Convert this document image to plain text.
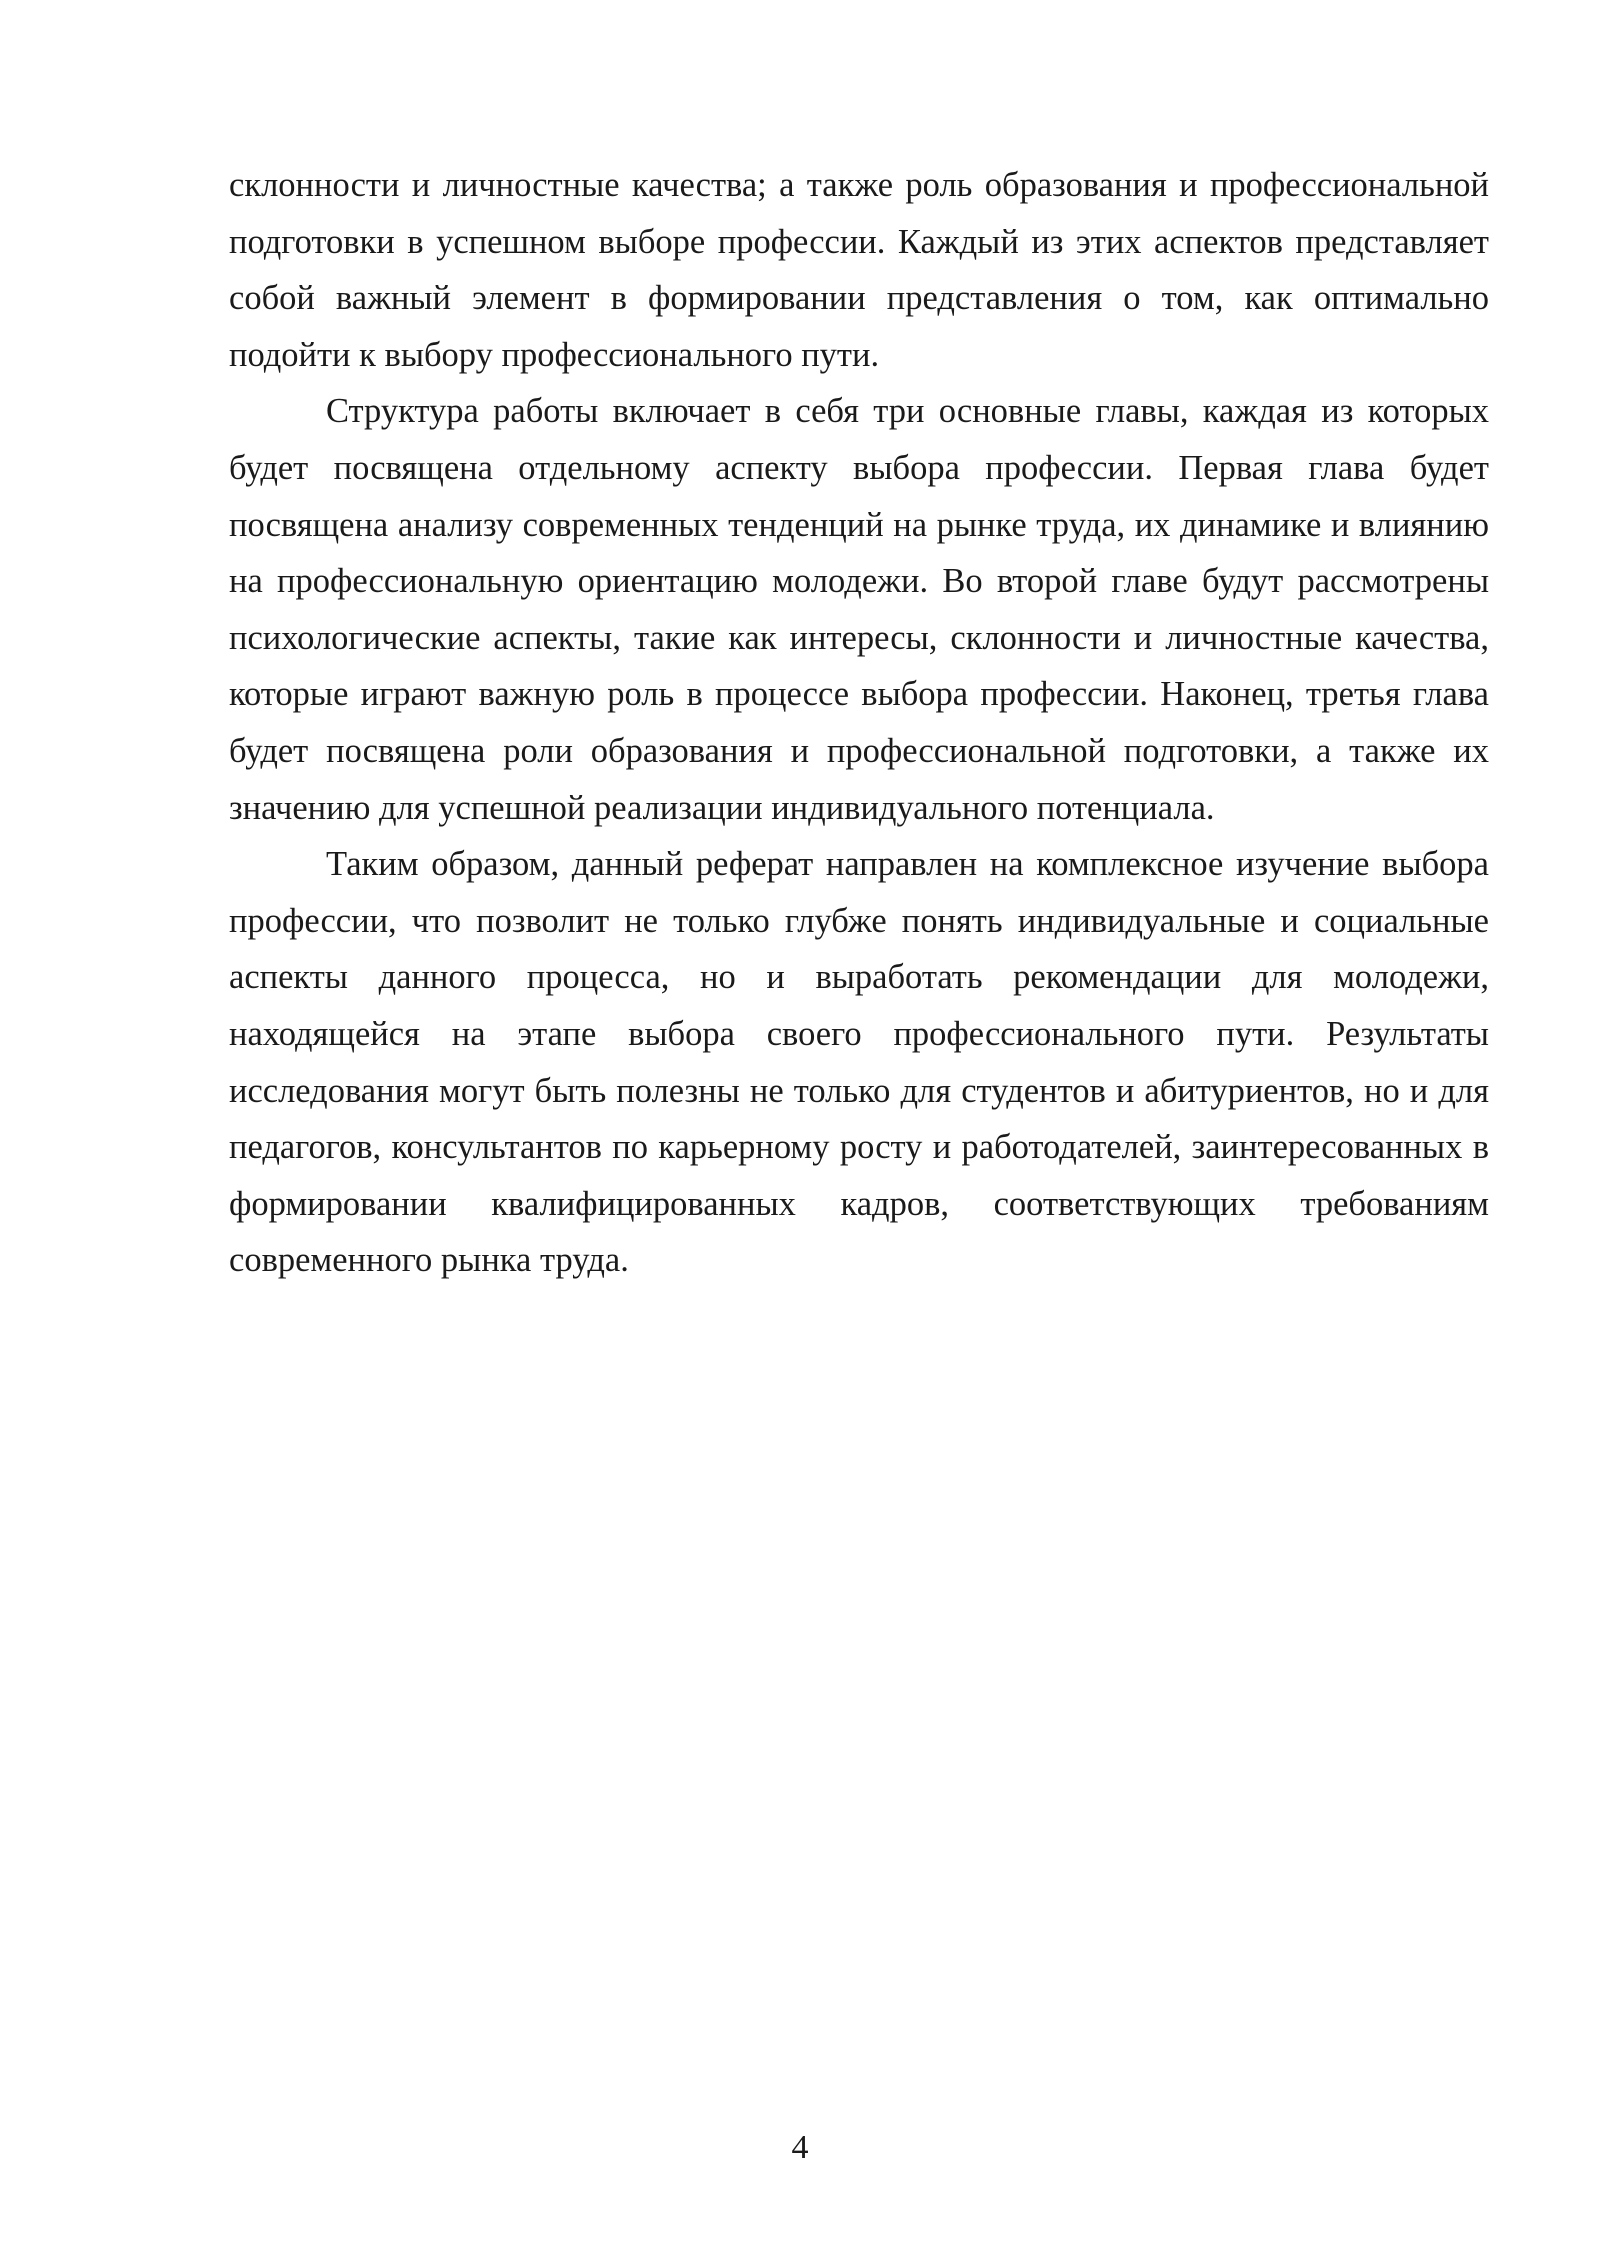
склонности и личностные качества; а также роль образования и профессиональной подготовки в успешном выборе профессии. Каждый из этих аспектов представляет собой важный элемент в формировании представления о том, как оптимально подойти к выбору профессионального пути.

Структура работы включает в себя три основные главы, каждая из которых будет посвящена отдельному аспекту выбора профессии. Первая глава будет посвящена анализу современных тенденций на рынке труда, их динамике и влиянию на профессиональную ориентацию молодежи. Во второй главе будут рассмотрены психологические аспекты, такие как интересы, склонности и личностные качества, которые играют важную роль в процессе выбора профессии. Наконец, третья глава будет посвящена роли образования и профессиональной подготовки, а также их значению для успешной реализации индивидуального потенциала.

Таким образом, данный реферат направлен на комплексное изучение выбора профессии, что позволит не только глубже понять индивидуальные и социальные аспекты данного процесса, но и выработать рекомендации для молодежи, находящейся на этапе выбора своего профессионального пути. Результаты исследования могут быть полезны не только для студентов и абитуриентов, но и для педагогов, консультантов по карьерному росту и работодателей, заинтересованных в формировании квалифицированных кадров, соответствующих требованиям современного рынка труда.

4
